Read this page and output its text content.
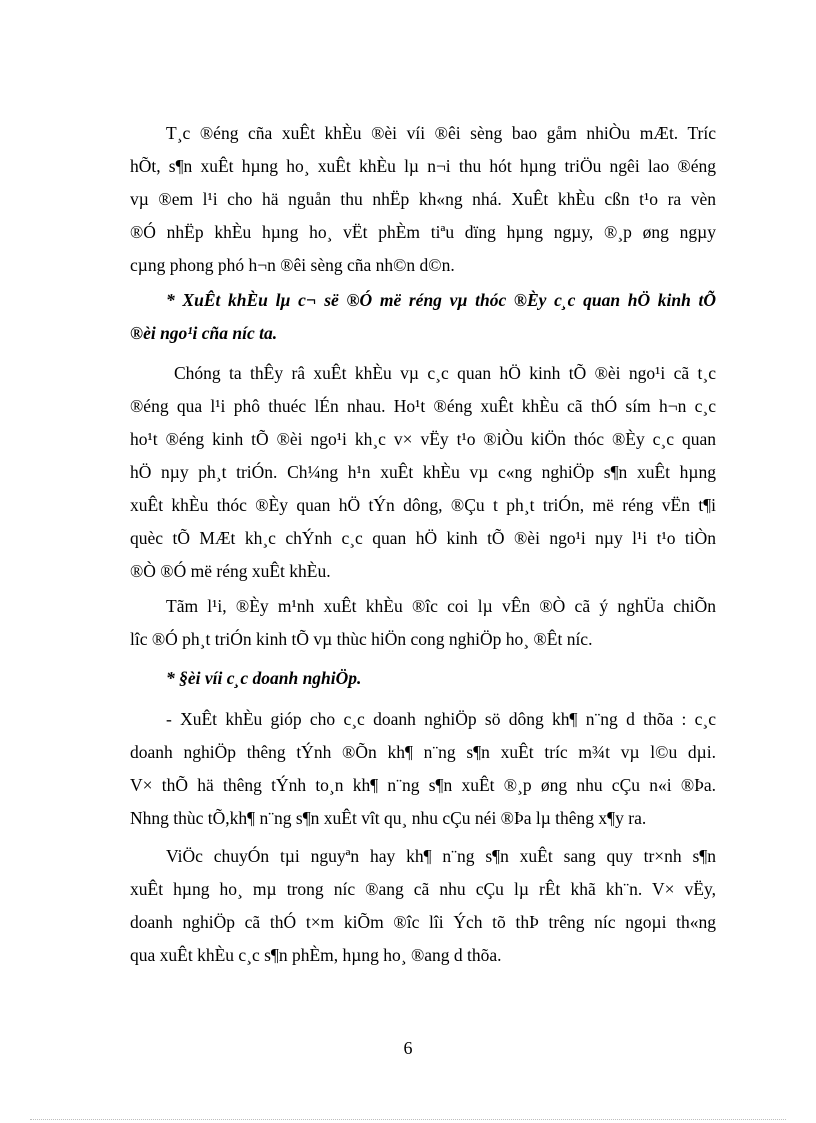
T¸c ®éng cña xuÊt khÈu ®èi víi ®êi sèng bao gåm nhiÒu mÆt. Tríc
hÕt, s¶n xuÊt hµng ho¸ xuÊt khÈu lµ n¬i thu hót hµng triÖu ngêi lao ®éng
vµ ®em l¹i cho hä nguån thu nhËp kh«ng nhá. XuÊt khÈu cßn t¹o ra vèn
®Ó nhËp khÈu hµng ho¸ vËt phÈm tiªu dïng hµng ngµy, ®¸p øng ngµy
cµng phong phó h¬n ®êi sèng cña nh©n d©n.
* XuÊt khÈu lµ c¬ së ®Ó më réng vµ thóc ®Èy c¸c quan hÖ kinh tÕ
®èi ngo¹i cña níc ta.
Chóng ta thÊy râ xuÊt khÈu vµ c¸c quan hÖ kinh tÕ ®èi ngo¹i cã t¸c
®éng qua l¹i phô thuéc lÉn nhau. Ho¹t ®éng xuÊt khÈu cã thÓ sím h¬n c¸c
ho¹t ®éng kinh tÕ ®èi ngo¹i kh¸c v× vËy t¹o ®iÒu kiÖn thóc ®Èy c¸c quan
hÖ nµy ph¸t triÓn. Ch¼ng h¹n xuÊt khÈu vµ c«ng nghiÖp s¶n xuÊt hµng
xuÊt khÈu thóc ®Èy quan hÖ tÝn dông, ®Çu t ph¸t triÓn, më réng vËn t¶i
quèc tÕ MÆt kh¸c chÝnh c¸c quan hÖ kinh tÕ ®èi ngo¹i nµy l¹i t¹o tiÒn
®Ò ®Ó më réng xuÊt khÈu.
Tãm l¹i, ®Èy m¹nh xuÊt khÈu ®îc coi lµ vÊn ®Ò cã ý nghÜa chiÕn
lîc ®Ó ph¸t triÓn kinh tÕ vµ thùc hiÖn cong nghiÖp ho¸ ®Êt níc.
* §èi víi c¸c doanh nghiÖp.
- XuÊt khÈu gióp cho c¸c doanh nghiÖp sö dông kh¶ n¨ng d thõa : c¸c
doanh nghiÖp thêng tÝnh ®Õn kh¶ n¨ng s¶n xuÊt tríc m¾t vµ l©u dµi.
V× thÕ hä thêng tÝnh to¸n kh¶ n¨ng s¶n xuÊt ®¸p øng nhu cÇu n«i ®Þa.
Nhng thùc tÕ,kh¶ n¨ng s¶n xuÊt vît qu¸ nhu cÇu néi ®Þa lµ thêng x¶y ra.
ViÖc chuyÓn tµi nguyªn hay kh¶ n¨ng s¶n xuÊt sang quy tr×nh s¶n
xuÊt hµng ho¸ mµ trong níc ®ang cã nhu cÇu lµ rÊt khã kh¨n. V× vËy,
doanh nghiÖp cã thÓ t×m kiÕm ®îc lîi Ých tõ thÞ trêng níc ngoµi th«ng
qua xuÊt khÈu c¸c s¶n phÈm, hµng ho¸ ®ang d thõa.
6
